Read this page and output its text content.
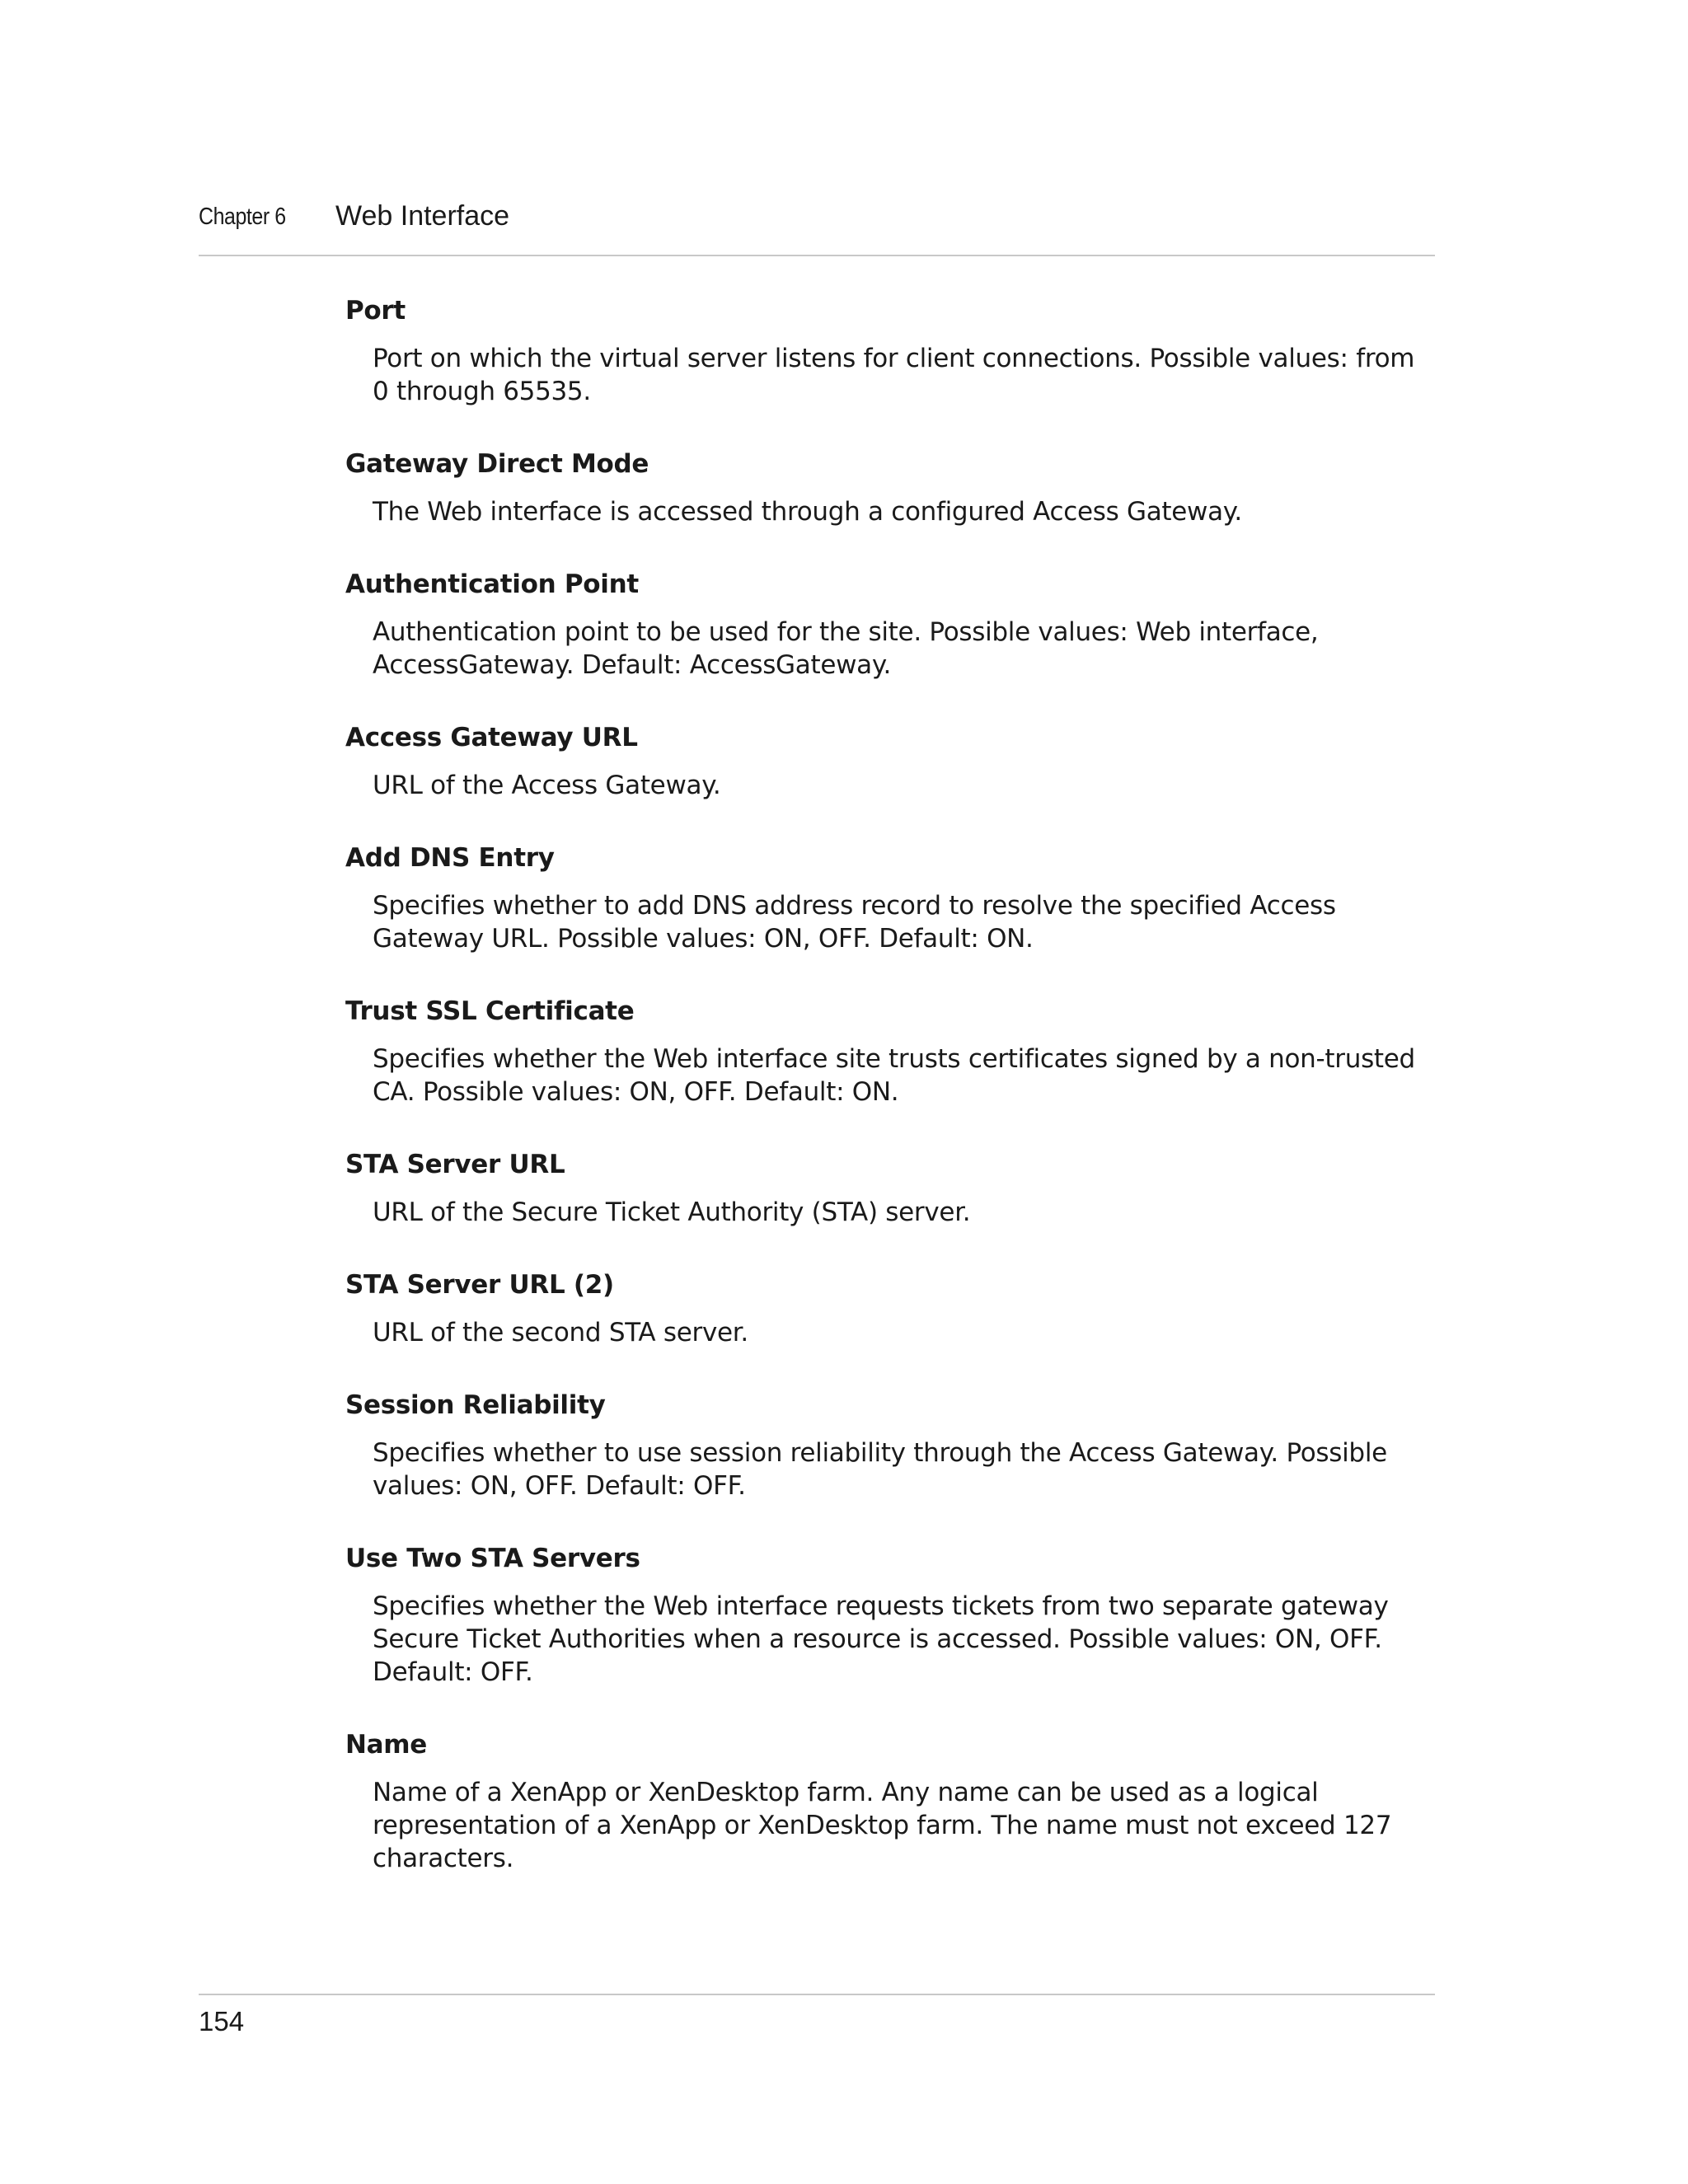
Chapter 6 Web Interface
Port
Port on which the virtual server listens for client connections. Possible values: from 0 through 65535.
Gateway Direct Mode
The Web interface is accessed through a configured Access Gateway.
Authentication Point
Authentication point to be used for the site. Possible values: Web interface, AccessGateway. Default: AccessGateway.
Access Gateway URL
URL of the Access Gateway.
Add DNS Entry
Specifies whether to add DNS address record to resolve the specified Access Gateway URL. Possible values: ON, OFF. Default: ON.
Trust SSL Certificate
Specifies whether the Web interface site trusts certificates signed by a non-trusted CA. Possible values: ON, OFF. Default: ON.
STA Server URL
URL of the Secure Ticket Authority (STA) server.
STA Server URL (2)
URL of the second STA server.
Session Reliability
Specifies whether to use session reliability through the Access Gateway. Possible values: ON, OFF. Default: OFF.
Use Two STA Servers
Specifies whether the Web interface requests tickets from two separate gateway Secure Ticket Authorities when a resource is accessed. Possible values: ON, OFF. Default: OFF.
Name
Name of a XenApp or XenDesktop farm. Any name can be used as a logical representation of a XenApp or XenDesktop farm. The name must not exceed 127 characters.
154
